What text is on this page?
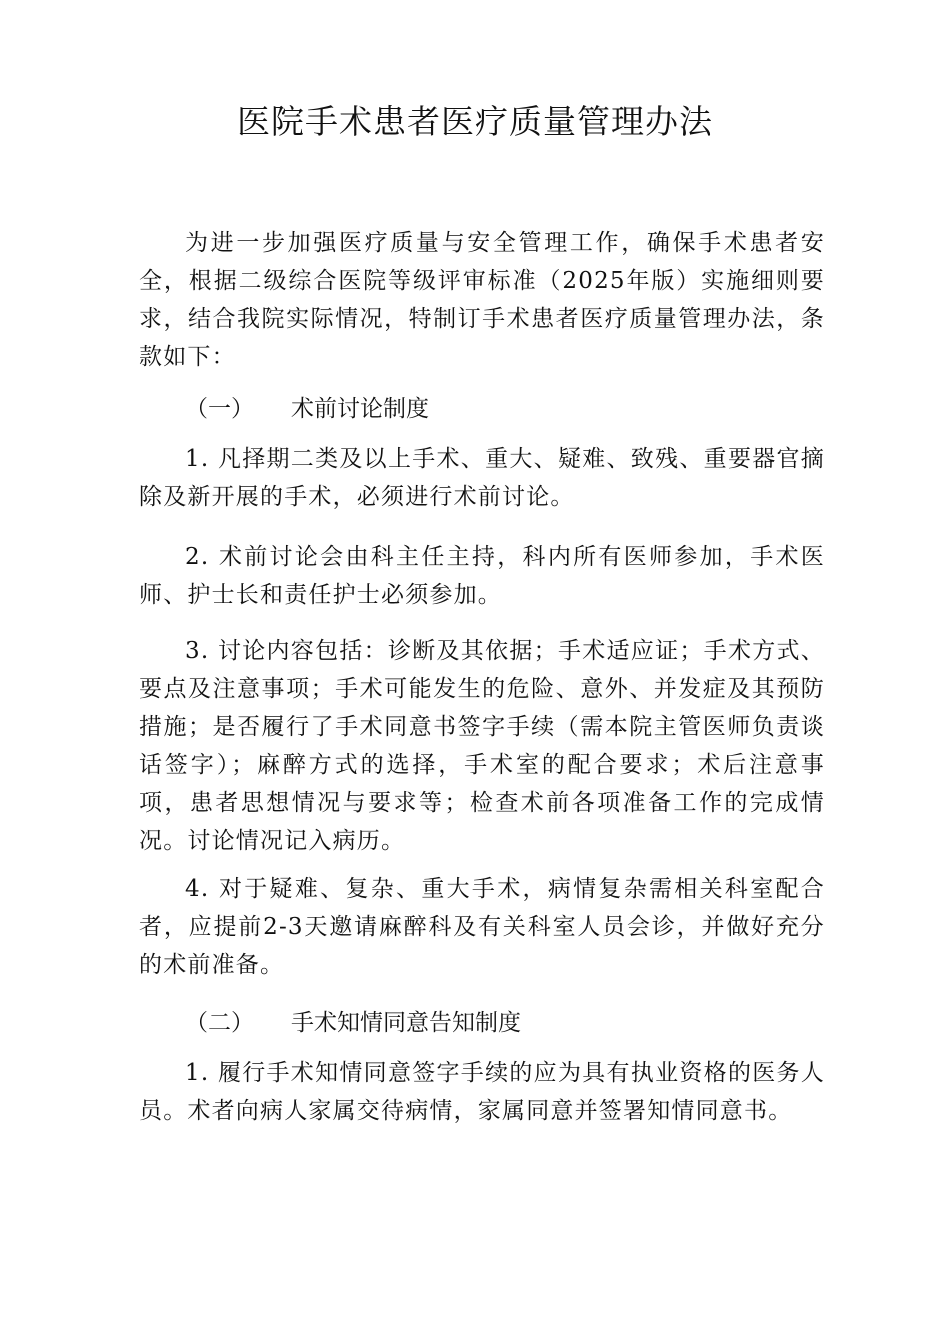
医院手术患者医疗质量管理办法

为进一步加强医疗质量与安全管理工作，确保手术患者安全，根据二级综合医院等级评审标准（2025年版）实施细则要求，结合我院实际情况，特制订手术患者医疗质量管理办法，条款如下：

（一） 术前讨论制度

1. 凡择期二类及以上手术、重大、疑难、致残、重要器官摘除及新开展的手术，必须进行术前讨论。

2. 术前讨论会由科主任主持，科内所有医师参加，手术医师、护士长和责任护士必须参加。

3. 讨论内容包括：诊断及其依据；手术适应证；手术方式、要点及注意事项；手术可能发生的危险、意外、并发症及其预防措施；是否履行了手术同意书签字手续（需本院主管医师负责谈话签字）；麻醉方式的选择，手术室的配合要求；术后注意事项，患者思想情况与要求等；检查术前各项准备工作的完成情况。讨论情况记入病历。

4. 对于疑难、复杂、重大手术，病情复杂需相关科室配合者，应提前2-3天邀请麻醉科及有关科室人员会诊，并做好充分的术前准备。

（二） 手术知情同意告知制度

1. 履行手术知情同意签字手续的应为具有执业资格的医务人员。术者向病人家属交待病情，家属同意并签署知情同意书。
